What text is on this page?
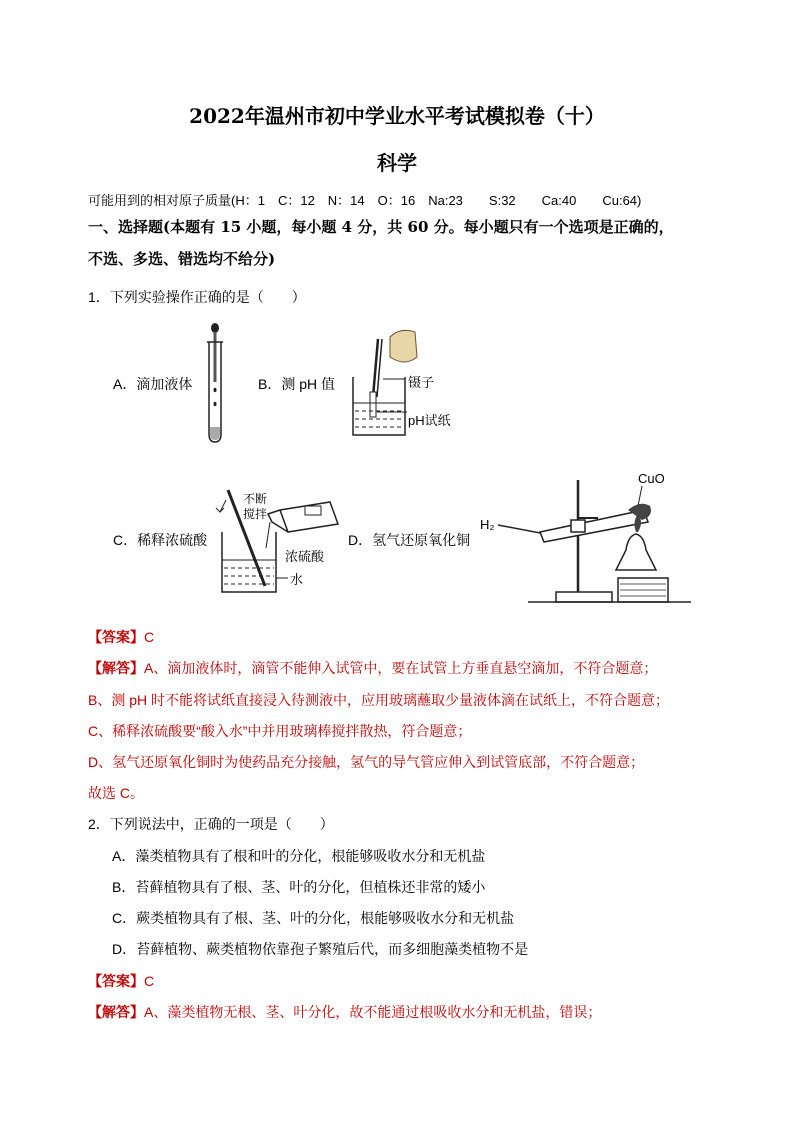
2022年温州市初中学业水平考试模拟卷（十）
科学
可能用到的相对原子质量(H：1　C：12　N：14　O：16　Na:23　　S:32　　Ca:40　　Cu:64)
一、选择题(本题有 15 小题，每小题 4 分，共 60 分。每小题只有一个选项是正确的，
不选、多选、错选均不给分)
1．下列实验操作正确的是（　　）
A．滴加液体	B．测 pH 值	镊子
pH试纸
C．稀释浓硫酸
不断
搅拌
浓硫酸
水
D．氢气还原氧化铜
H₂
CuO
【答案】C
【解答】A、滴加液体时，滴管不能伸入试管中，要在试管上方垂直悬空滴加，不符合题意；
B、测 pH 时不能将试纸直接浸入待测液中，应用玻璃蘸取少量液体滴在试纸上，不符合题意；
C、稀释浓硫酸要“酸入水”中并用玻璃棒搅拌散热，符合题意；
D、氢气还原氧化铜时为使药品充分接触，氢气的导气管应伸入到试管底部，不符合题意；
故选 C。
2．下列说法中，正确的一项是（　　）
A．藻类植物具有了根和叶的分化，根能够吸收水分和无机盐
B．苔藓植物具有了根、茎、叶的分化，但植株还非常的矮小
C．蕨类植物具有了根、茎、叶的分化，根能够吸收水分和无机盐
D．苔藓植物、蕨类植物依靠孢子繁殖后代，而多细胞藻类植物不是
【答案】C
【解答】A、藻类植物无根、茎、叶分化，故不能通过根吸收水分和无机盐，错误；
